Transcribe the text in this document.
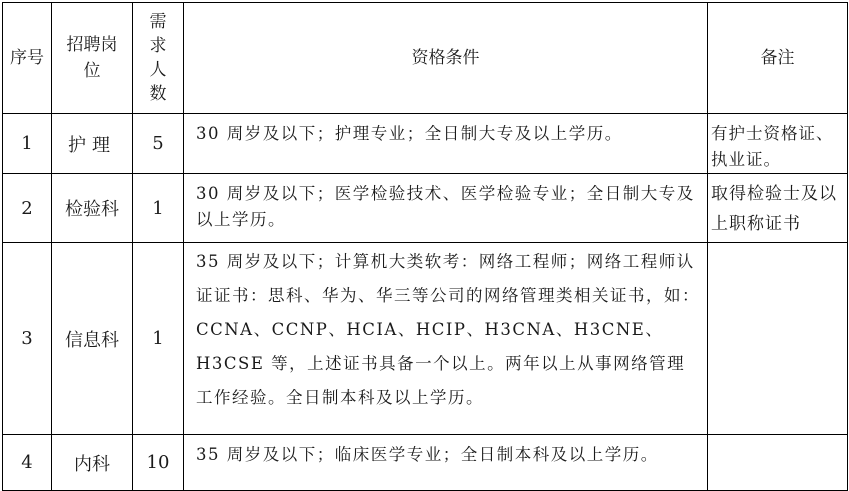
序号	招聘岗位	需求人数	资格条件	备注
1	护理	5	30 周岁及以下；护理专业；全日制大专及以上学历。	有护士资格证、执业证。
2	检验科	1	30 周岁及以下；医学检验技术、医学检验专业；全日制大专及以上学历。	取得检验士及以上职称证书
3	信息科	1	35 周岁及以下；计算机大类软考：网络工程师；网络工程师认证证书：思科、华为、华三等公司的网络管理类相关证书，如：CCNA、CCNP、HCIA、HCIP、H3CNA、H3CNE、H3CSE 等，上述证书具备一个以上。两年以上从事网络管理工作经验。全日制本科及以上学历。	
4	内科	10	35 周岁及以下；临床医学专业；全日制本科及以上学历。	
